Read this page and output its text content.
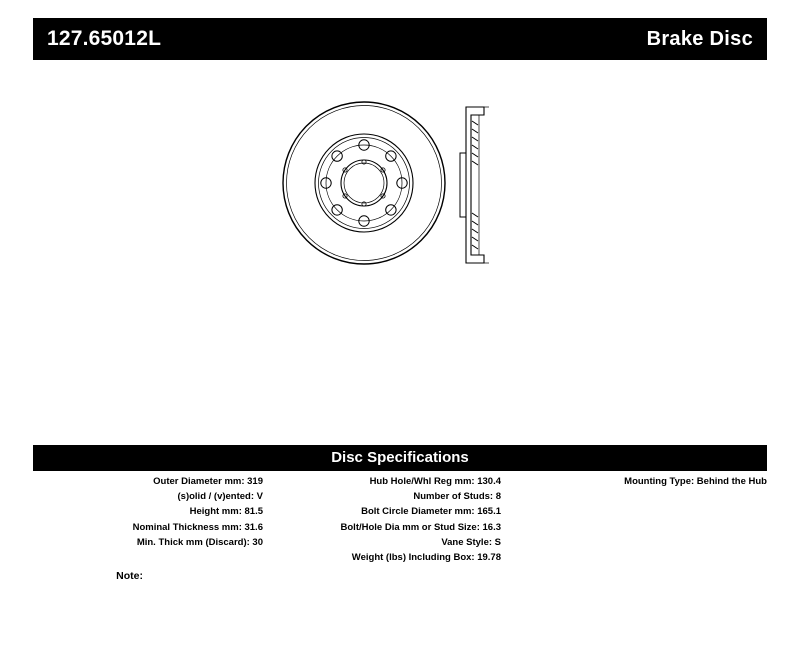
127.65012L	Brake Disc
Disc Specifications
Outer Diameter mm: 319
(s)olid / (v)ented: V
Height mm: 81.5
Nominal Thickness mm: 31.6
Min. Thick mm (Discard): 30
Hub Hole/Whl Reg mm: 130.4
Number of Studs: 8
Bolt Circle Diameter mm: 165.1
Bolt/Hole Dia mm or Stud Size: 16.3
Vane Style: S
Weight (lbs) Including Box: 19.78
Mounting Type: Behind the Hub
Note:
